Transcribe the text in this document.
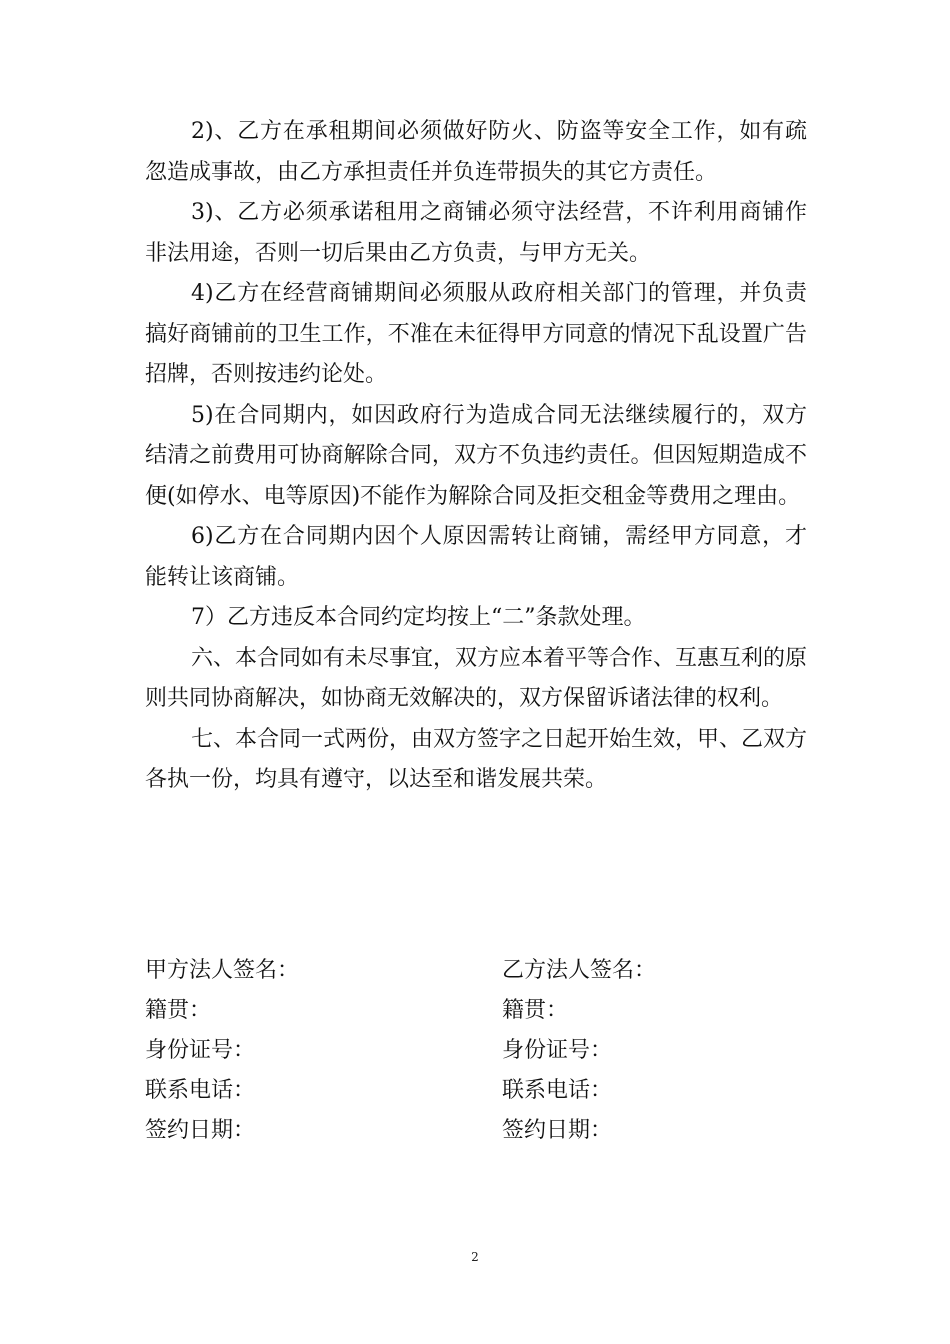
2)、乙方在承租期间必须做好防火、防盗等安全工作，如有疏忽造成事故，由乙方承担责任并负连带损失的其它方责任。

3)、乙方必须承诺租用之商铺必须守法经营，不许利用商铺作非法用途，否则一切后果由乙方负责，与甲方无关。

4)乙方在经营商铺期间必须服从政府相关部门的管理，并负责搞好商铺前的卫生工作，不准在未征得甲方同意的情况下乱设置广告招牌，否则按违约论处。

5)在合同期内，如因政府行为造成合同无法继续履行的，双方结清之前费用可协商解除合同，双方不负违约责任。但因短期造成不便(如停水、电等原因)不能作为解除合同及拒交租金等费用之理由。

6)乙方在合同期内因个人原因需转让商铺，需经甲方同意，才能转让该商铺。

7）乙方违反本合同约定均按上“二”条款处理。

六、本合同如有未尽事宜，双方应本着平等合作、互惠互利的原则共同协商解决，如协商无效解决的，双方保留诉诸法律的权利。

七、本合同一式两份，由双方签字之日起开始生效，甲、乙双方各执一份，均具有遵守，以达至和谐发展共荣。

甲方法人签名：	乙方法人签名：
籍贯：	籍贯：
身份证号：	身份证号：
联系电话：	联系电话：
签约日期：	签约日期：
2
